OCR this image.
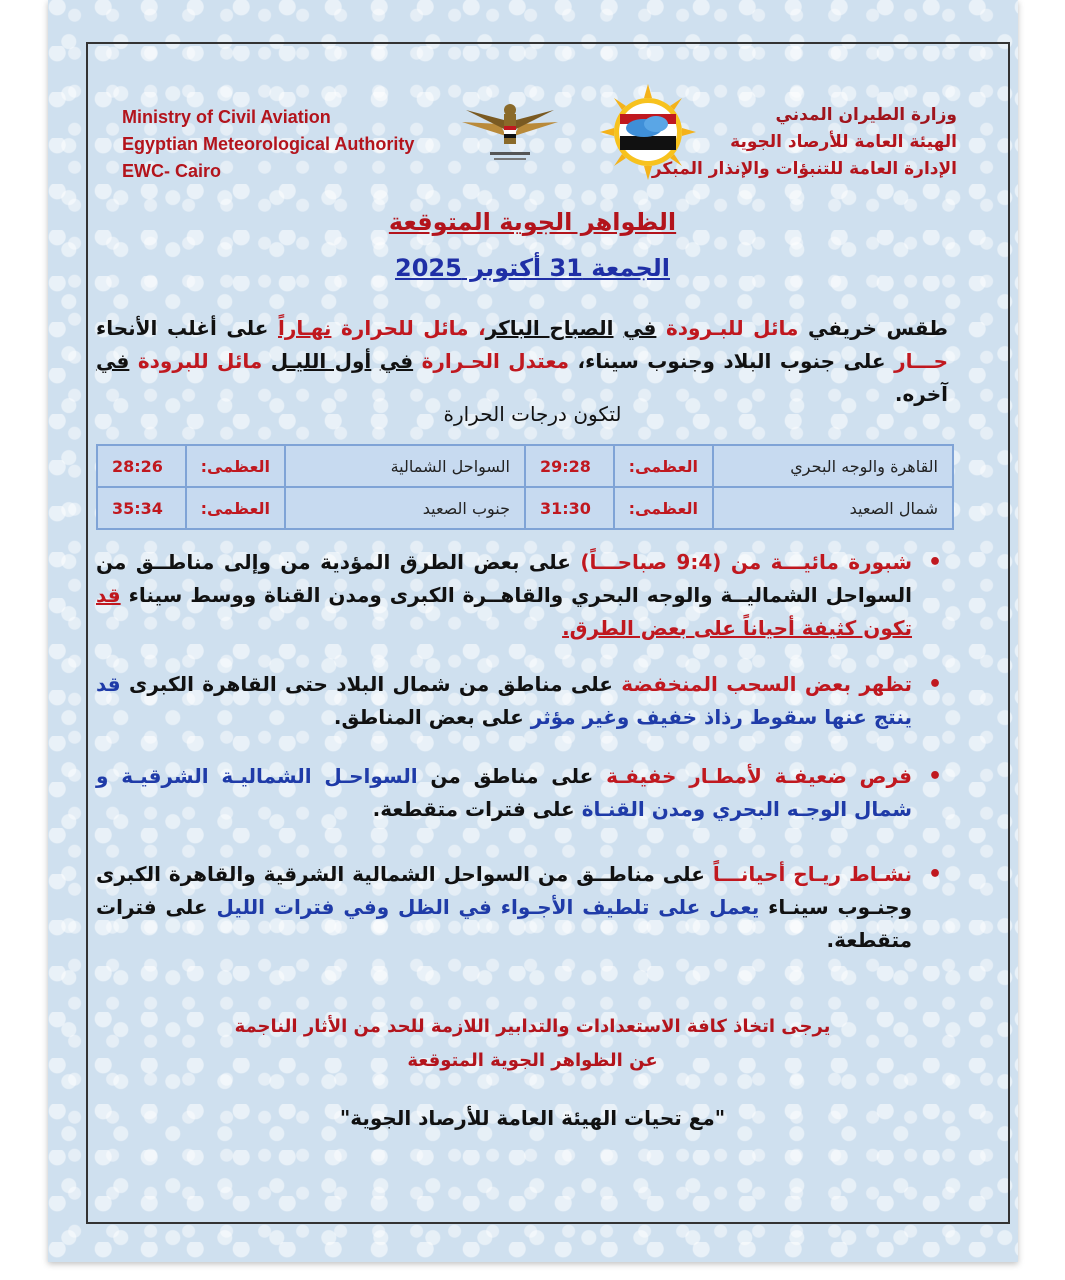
Ministry of Civil Aviation
Egyptian Meteorological Authority
EWC- Cairo
وزارة الطيران المدني
الهيئة العامة للأرصاد الجوية
الإدارة العامة للتنبؤات والإنذار المبكر
الظواهر الجوية المتوقعة
الجمعة 31 أكتوبر 2025
طقس خريفي مائل للبـرودة في الصباح الباكر، مائل للحرارة نهـاراً على أغلب الأنحاء حـــار على جنوب البلاد وجنوب سيناء، معتدل الحـرارة في أول الليـل مائل للبرودة في آخره.
لتكون درجات الحرارة
القاهرة والوجه البحري	العظمى:	29:28	السواحل الشمالية	العظمى:	28:26
شمال الصعيد	العظمى:	31:30	جنوب الصعيد	العظمى:	35:34
•
شبورة مائيـــة من (9:4 صباحـــاً) على بعض الطرق المؤدية من وإلى مناطــق من السواحل الشماليــة والوجه البحري والقاهــرة الكبرى ومدن القناة ووسط سيناء قد تكون كثيفة أحياناً على بعض الطرق.
•
تظهر بعض السحب المنخفضة على مناطق من شمال البلاد حتى القاهرة الكبرى قد ينتج عنها سقوط رذاذ خفيف وغير مؤثر على بعض المناطق.
•
فرص ضعيفـة لأمطـار خفيفـة على مناطق من السواحـل الشماليـة الشرقيـة و شمال الوجـه البحري ومدن القنـاة على فترات متقطعة.
•
نشـاط ريـاح أحيانـــاً على مناطــق من السواحل الشمالية الشرقية والقاهرة الكبرى وجنـوب سينـاء يعمل على تلطيف الأجـواء في الظل وفي فترات الليل على فترات متقطعة.
يرجى اتخاذ كافة الاستعدادات والتدابير اللازمة للحد من الأثار الناجمة
عن الظواهر الجوية المتوقعة
"مع تحيات الهيئة العامة للأرصاد الجوية"
